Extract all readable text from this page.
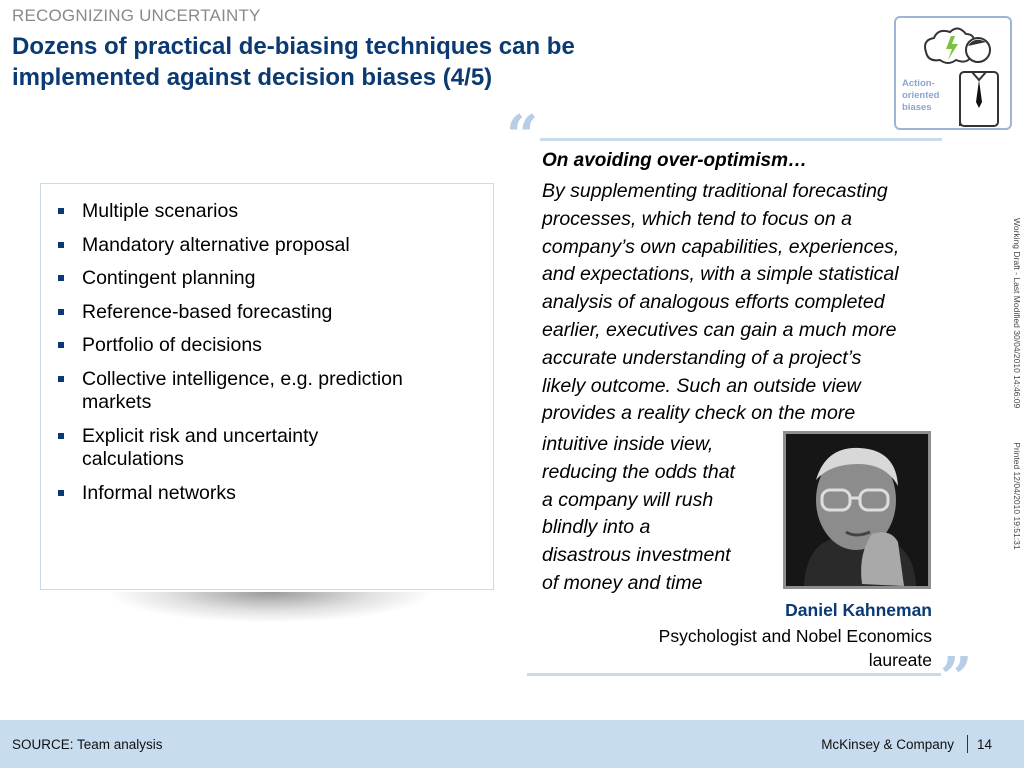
RECOGNIZING UNCERTAINTY
Dozens of practical de-biasing techniques can be
implemented against decision biases (4/5)	Action-
oriented
biases
Multiple scenarios
Mandatory alternative proposal
Contingent planning
Reference-based forecasting
Portfolio of decisions
Collective intelligence, e.g. prediction
markets
Explicit risk and uncertainty
calculations
Informal networks
“ On avoiding over-optimism…
By supplementing traditional forecasting
processes, which tend to focus on a
company’s own capabilities, experiences,
and expectations, with a simple statistical
analysis of analogous efforts completed
earlier, executives can gain a much more
accurate understanding of a project’s
likely outcome. Such an outside view
provides a reality check on the more
intuitive inside view,
reducing the odds that
a company will rush
blindly into a
disastrous investment
of money and time
Daniel Kahneman
Psychologist and Nobel Economics
laureate ”
Working Draft - Last Modified 30/04/2010 14:46:09Printed 12/04/2010 19:51:31
SOURCE: Team analysis	McKinsey & Company 14
